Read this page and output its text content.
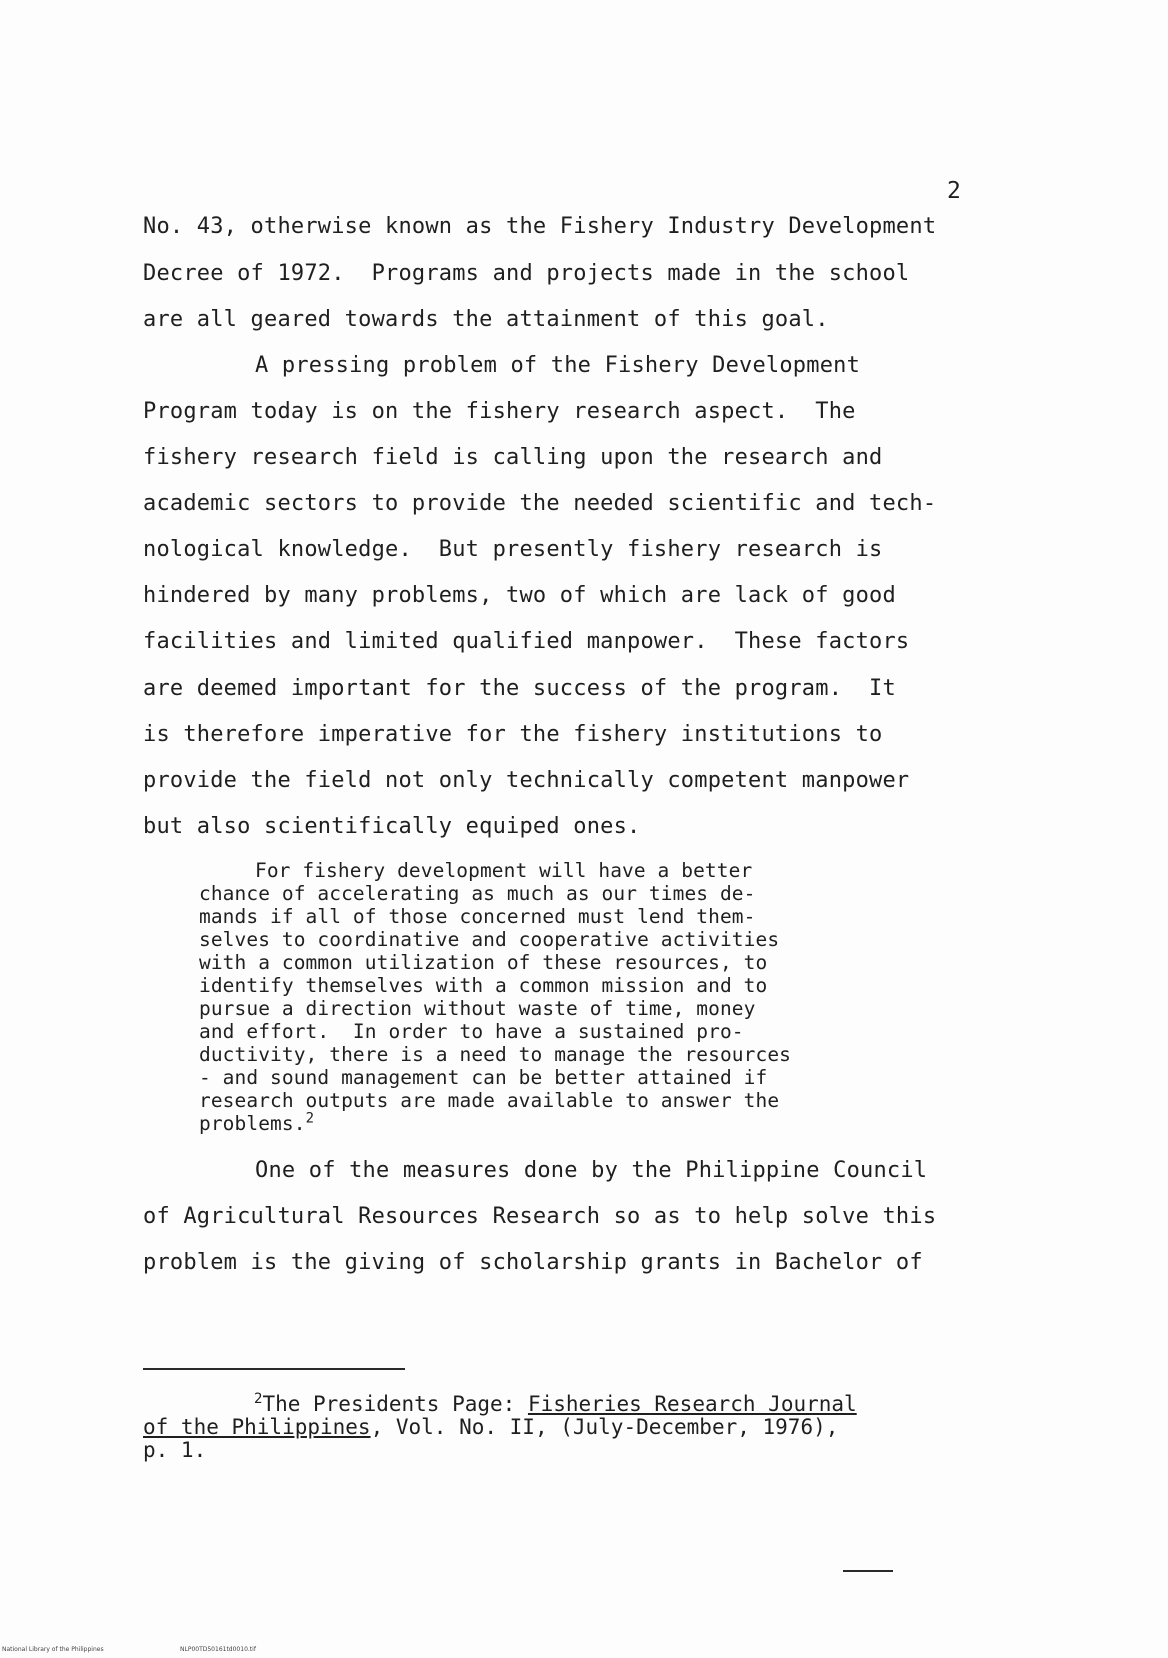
2
No. 43, otherwise known as the Fishery Industry Development
Decree of 1972.  Programs and projects made in the school
are all geared towards the attainment of this goal.
A pressing problem of the Fishery Development
Program today is on the fishery research aspect.  The
fishery research field is calling upon the research and
academic sectors to provide the needed scientific and tech-
nological knowledge.  But presently fishery research is
hindered by many problems, two of which are lack of good
facilities and limited qualified manpower.  These factors
are deemed important for the success of the program.  It
is therefore imperative for the fishery institutions to
provide the field not only technically competent manpower
but also scientifically equiped ones.
For fishery development will have a better
chance of accelerating as much as our times de-
mands if all of those concerned must lend them-
selves to coordinative and cooperative activities
with a common utilization of these resources, to
identify themselves with a common mission and to
pursue a direction without waste of time, money
and effort.  In order to have a sustained pro-
ductivity, there is a need to manage the resources
- and sound management can be better attained if
research outputs are made available to answer the
problems.$^2$
One of the measures done by the Philippine Council
of Agricultural Resources Research so as to help solve this
problem is the giving of scholarship grants in Bachelor of
$^2$The Presidents Page: Fisheries Research Journal
of the Philippines, Vol. No. II, (July-December, 1976),
p. 1.
National Library of the Philippines	NLP00TD50161td0010.tif
